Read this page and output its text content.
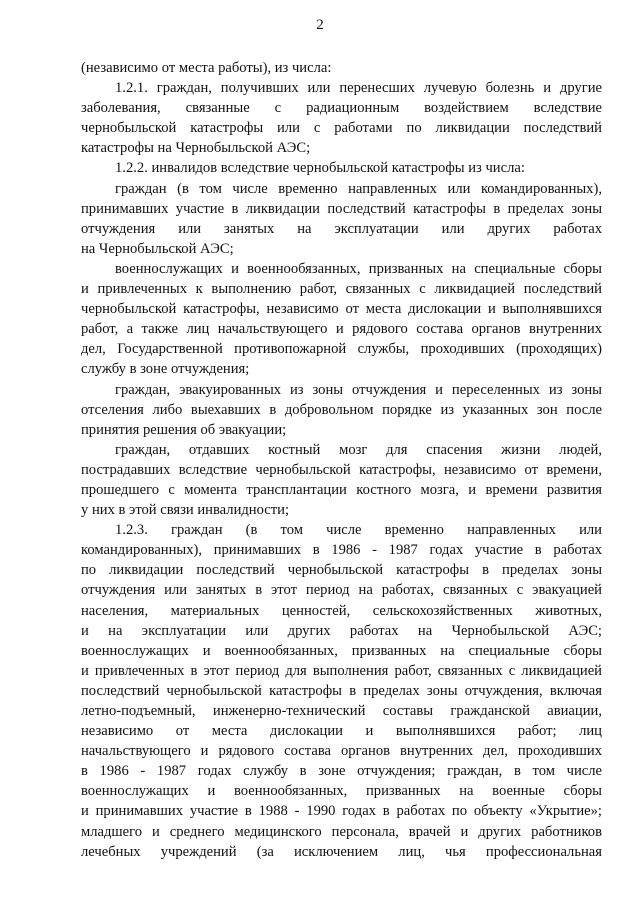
2
(независимо от места работы), из числа:
1.2.1. граждан, получивших или перенесших лучевую болезнь и другие
заболевания, связанные с радиационным воздействием вследствие
чернобыльской катастрофы или с работами по ликвидации последствий
катастрофы на Чернобыльской АЭС;
1.2.2. инвалидов вследствие чернобыльской катастрофы из числа:
граждан (в том числе временно направленных или командированных),
принимавших участие в ликвидации последствий катастрофы в пределах зоны
отчуждения или занятых на эксплуатации или других работах
на Чернобыльской АЭС;
военнослужащих и военнообязанных, призванных на специальные сборы
и привлеченных к выполнению работ, связанных с ликвидацией последствий
чернобыльской катастрофы, независимо от места дислокации и выполнявшихся
работ, а также лиц начальствующего и рядового состава органов внутренних
дел, Государственной противопожарной службы, проходивших (проходящих)
службу в зоне отчуждения;
граждан, эвакуированных из зоны отчуждения и переселенных из зоны
отселения либо выехавших в добровольном порядке из указанных зон после
принятия решения об эвакуации;
граждан, отдавших костный мозг для спасения жизни людей,
пострадавших вследствие чернобыльской катастрофы, независимо от времени,
прошедшего с момента трансплантации костного мозга, и времени развития
у них в этой связи инвалидности;
1.2.3. граждан (в том числе временно направленных или
командированных), принимавших в 1986 - 1987 годах участие в работах
по ликвидации последствий чернобыльской катастрофы в пределах зоны
отчуждения или занятых в этот период на работах, связанных с эвакуацией
населения, материальных ценностей, сельскохозяйственных животных,
и на эксплуатации или других работах на Чернобыльской АЭС;
военнослужащих и военнообязанных, призванных на специальные сборы
и привлеченных в этот период для выполнения работ, связанных с ликвидацией
последствий чернобыльской катастрофы в пределах зоны отчуждения, включая
летно-подъемный, инженерно-технический составы гражданской авиации,
независимо от места дислокации и выполнявшихся работ; лиц
начальствующего и рядового состава органов внутренних дел, проходивших
в 1986 - 1987 годах службу в зоне отчуждения; граждан, в том числе
военнослужащих и военнообязанных, призванных на военные сборы
и принимавших участие в 1988 - 1990 годах в работах по объекту «Укрытие»;
младшего и среднего медицинского персонала, врачей и других работников
лечебных учреждений (за исключением лиц, чья профессиональная
